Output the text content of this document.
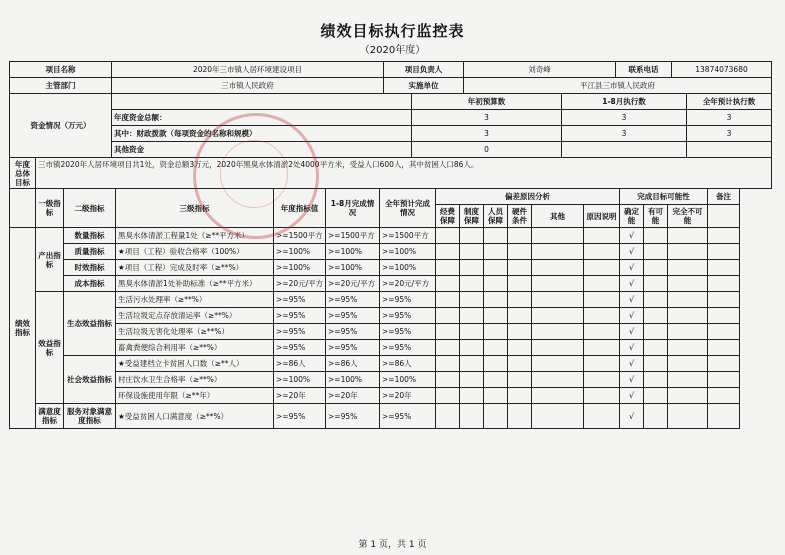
绩效目标执行监控表
（2020年度）
项目名称	2020年三市镇人居环境建设项目	项目负责人	刘奇峰	联系电话	13874073680
主管部门	三市镇人民政府	实施单位	平江县三市镇人民政府		
资金情况（万元）		年初预算数	1-8月执行数	全年预计执行数
	年度资金总额：	3	3	3
	其中：财政拨款（每项资金的名称和规模）	3	3	3
	其他资金	0		
年度总体目标	三市镇2020年人居环境项目共1处，资金总额3万元，2020年黑臭水体清淤2处4000平方米，受益人口600人，其中贫困人口86人。
	一级指标	二级指标	三级指标	年度指标值	1-8月完成情况	全年预计完成情况	偏差原因分析						完成目标可能性			备注
							经费保障	制度保障	人员保障	硬件条件	其他	原因说明	确定能	有可能	完全不可能	
绩效指标	产出指标	数量指标	黑臭水体清淤工程量1处（≥**平方米）	>=1500平方	>=1500平方	>=1500平方							√			
		质量指标	★项目（工程）验收合格率（100%）	>=100%	>=100%	>=100%							√			
		时效指标	★项目（工程）完成及时率（≥**%）	>=100%	>=100%	>=100%							√			
		成本指标	黑臭水体清淤1处补助标准（≥**平方米）	>=20元/平方	>=20元/平方	>=20元/平方							√			
	效益指标	生态效益指标	生活污水处理率（≥**%）	>=95%	>=95%	>=95%							√			
			生活垃圾定点存放清运率（≥**%）	>=95%	>=95%	>=95%							√			
			生活垃圾无害化处理率（≥**%）	>=95%	>=95%	>=95%							√			
			畜禽粪便综合利用率（≥**%）	>=95%	>=95%	>=95%							√			
		社会效益指标	★受益建档立卡贫困人口数（≥**人）	>=86人	>=86人	>=86人							√			
			村庄饮水卫生合格率（≥**%）	>=100%	>=100%	>=100%							√			
			环保设施使用年限（≥**年）	>=20年	>=20年	>=20年							√			
	满意度指标	服务对象满意度指标	★受益贫困人口满意度（≥**%）	>=95%	>=95%	>=95%							√			
第 1 页，共 1 页
